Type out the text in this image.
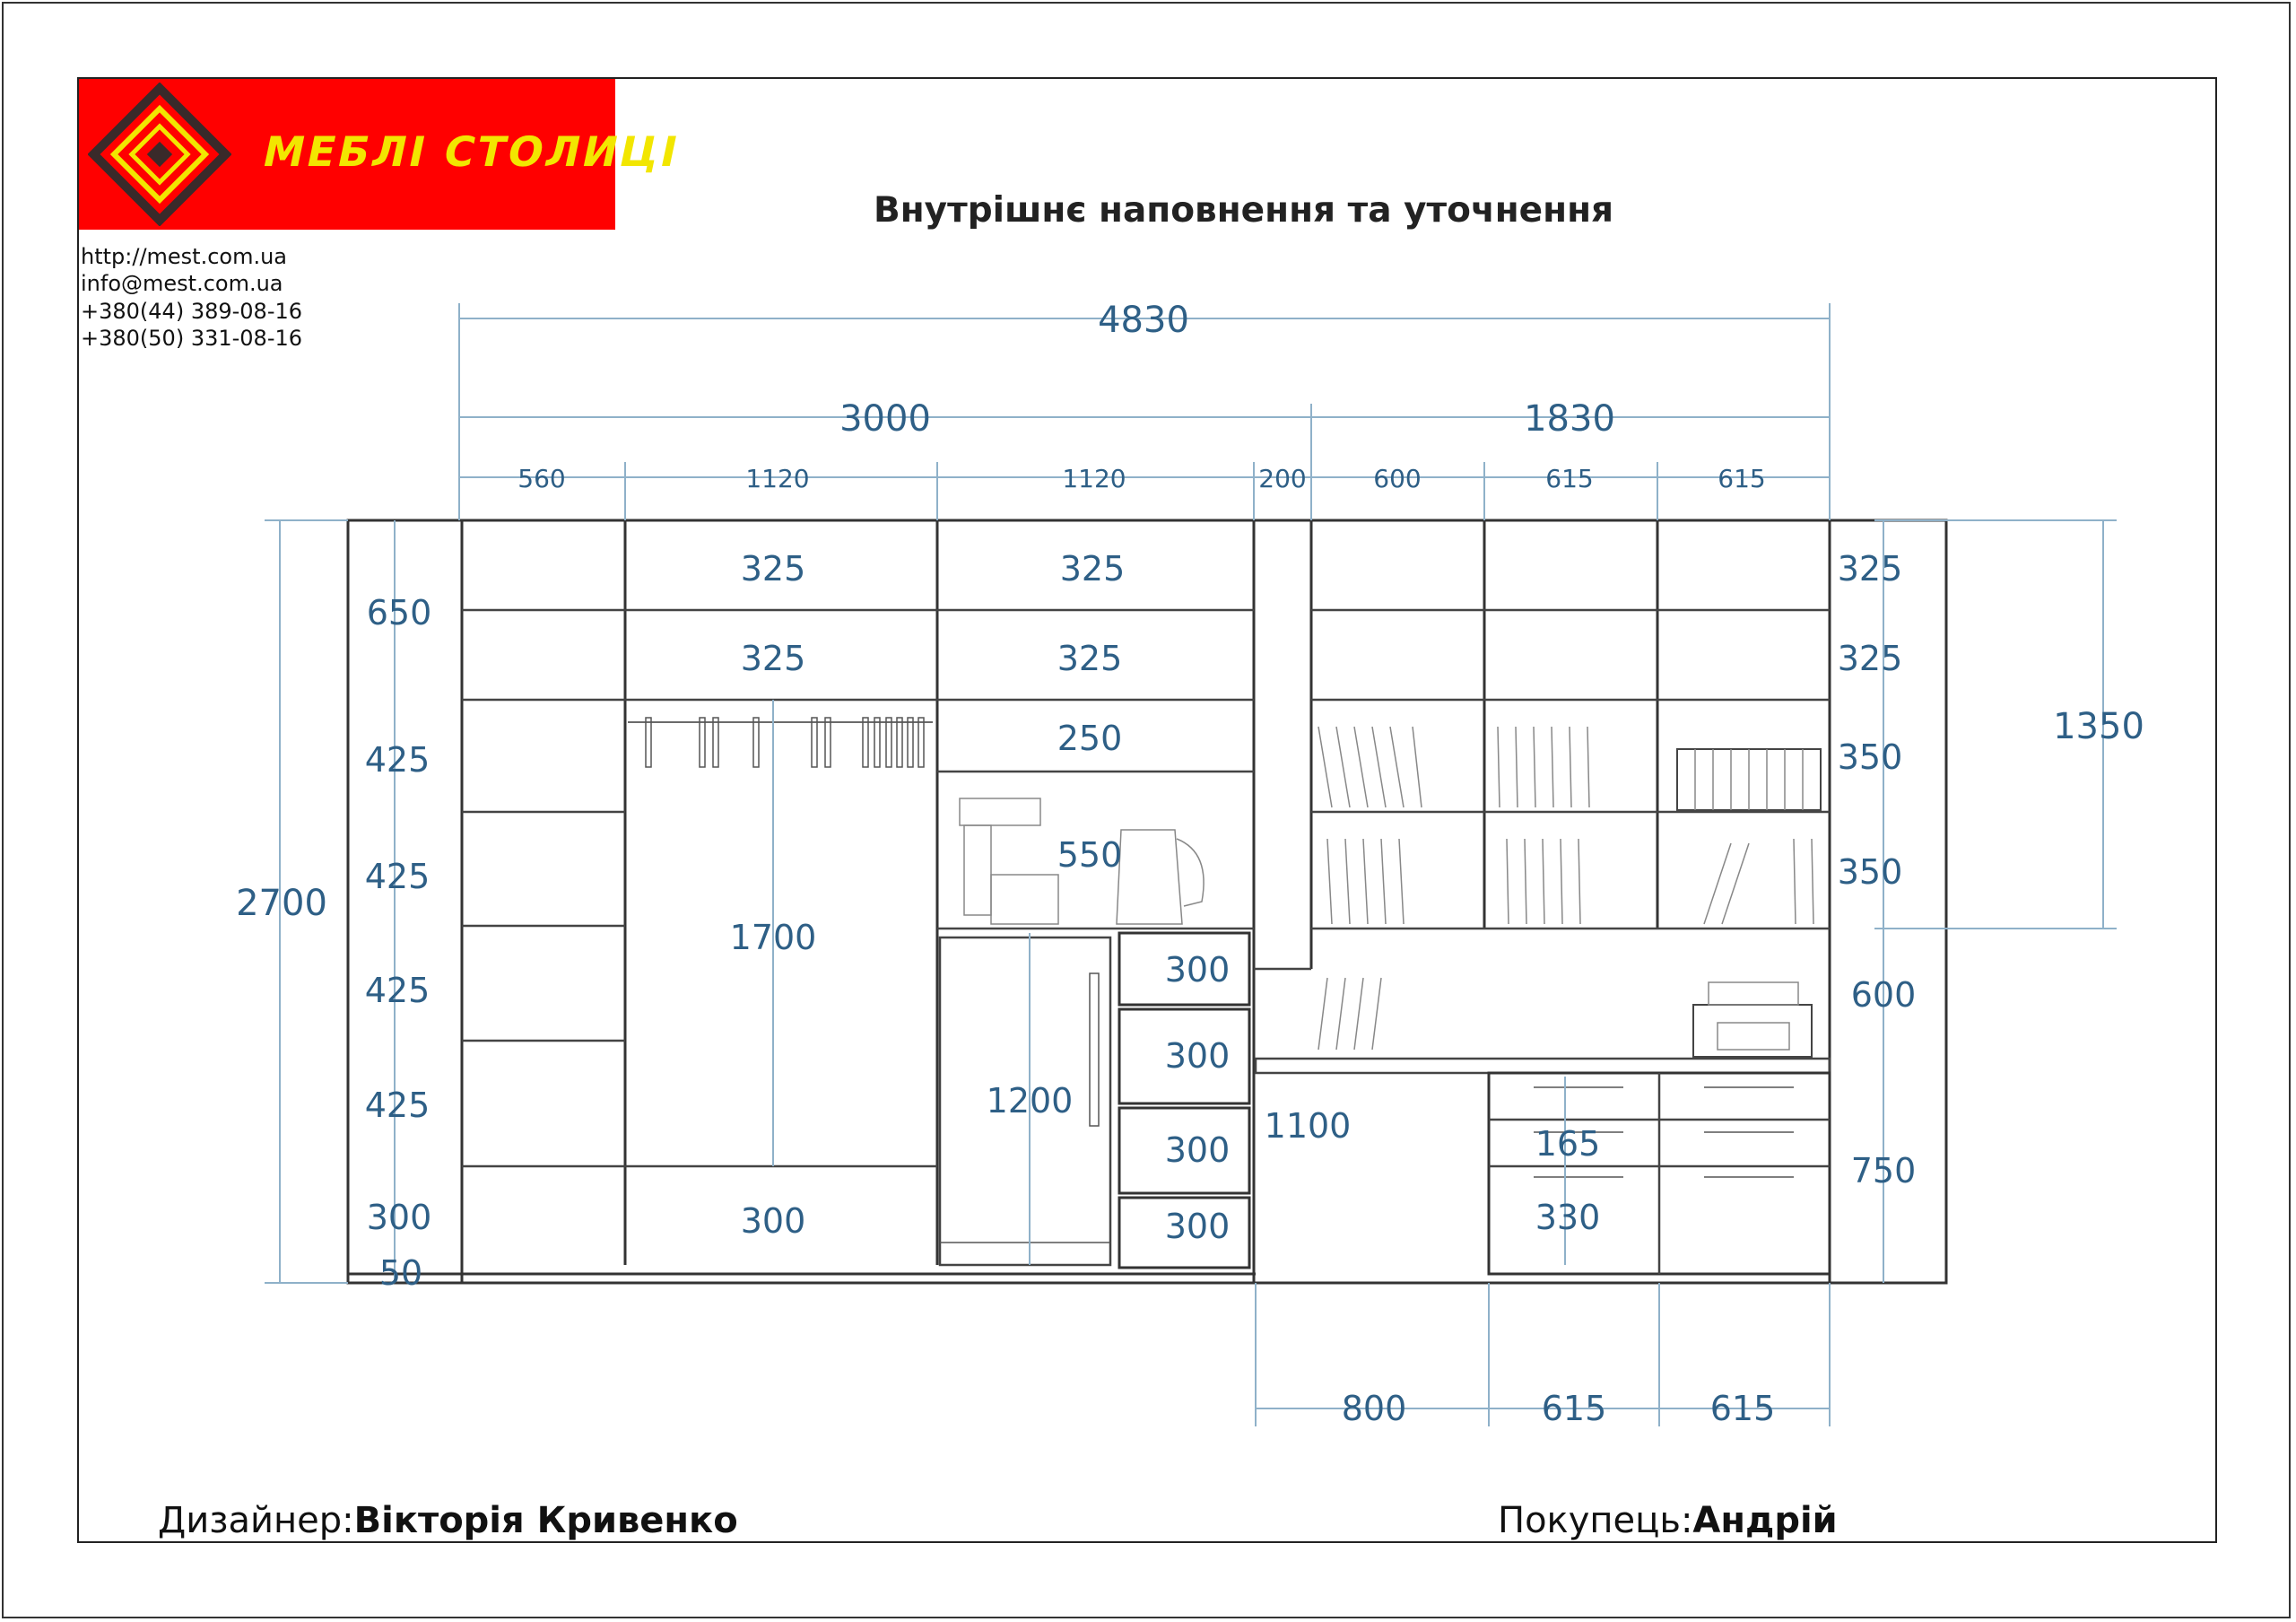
МЕБЛІ СТОЛИЦІ
http://mest.com.ua
info@mest.com.ua
+380(44) 389-08-16
+380(50) 331-08-16
Внутрішнє наповнення та уточнення
4830
3000	1830
560	1120	1120	200	600	615	615
2700
1350
650
425
425
425
425
300
50
325
325
1700
300
325
325
250
550
1200
300
300
300
300
1100
325
325
350
350
600
750
165
330
800	615	615
Дизайнер:Вікторія Кривенко	Покупець:Андрій
